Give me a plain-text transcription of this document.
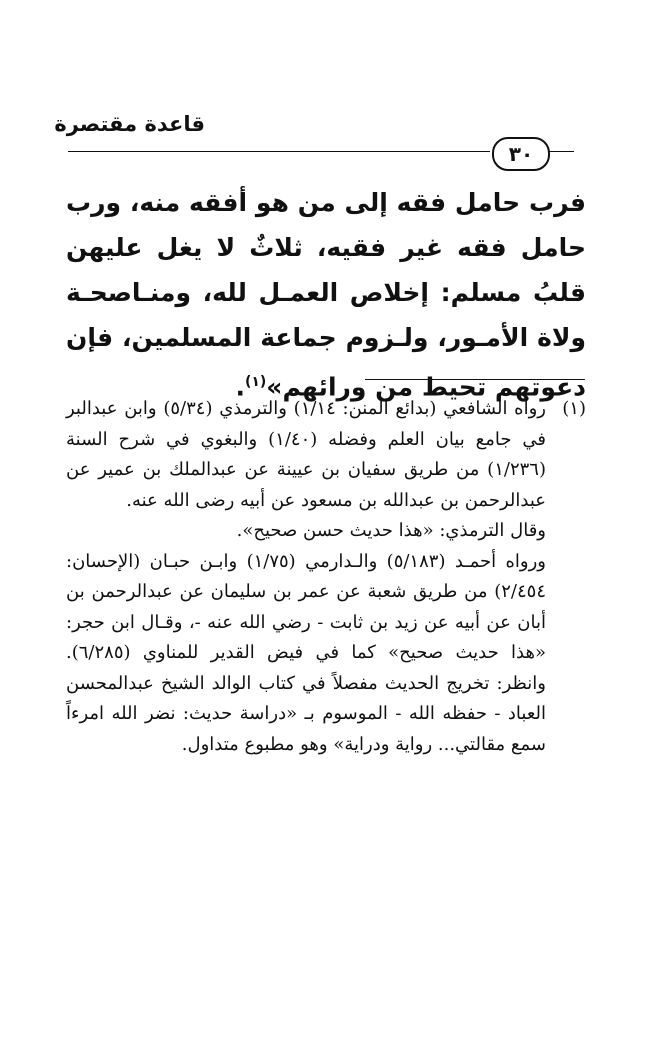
قاعدة مقتصرة
٣٠
فرب حامل فقه إلى من هو أفقه منه، ورب حامل فقه غير فقيه، ثلاثٌ لا يغل عليهن قلبُ مسلم: إخلاص العمـل لله، ومنـاصحـة ولاة الأمـور، ولـزوم جماعة المسلمين، فإن دعوتهم تحيط من ورائهم»$^{(١)}$.
(١)

رواه الشافعي (بدائع المنن: ١/١٤) والترمذي (٥/٣٤) وابن عبدالبر في جامع بيان العلم وفضله (١/٤٠) والبغوي في شرح السنة (١/٢٣٦) من طريق سفيان بن عيينة عن عبدالملك بن عمير عن عبدالرحمن بن عبدالله بن مسعود عن أبيه رضى الله عنه.

وقال الترمذي: «هذا حديث حسن صحيح».

ورواه أحمـد (٥/١٨٣) والـدارمي (١/٧٥) وابـن حبـان (الإحسان: ٢/٤٥٤) من طريق شعبة عن عمر بن سليمان عن عبدالرحمن بن أبان عن أبيه عن زيد بن ثابت - رضي الله عنه -، وقـال ابن حجر: «هذا حديث صحيح» كما في فيض القدير للمناوي (٦/٢٨٥). وانظر: تخريج الحديث مفصلاً في كتاب الوالد الشيخ عبدالمحسن العباد - حفظه الله - الموسوم بـ «دراسة حديث: نضر الله امرءاً سمع مقالتي... رواية ودراية» وهو مطبوع متداول.
